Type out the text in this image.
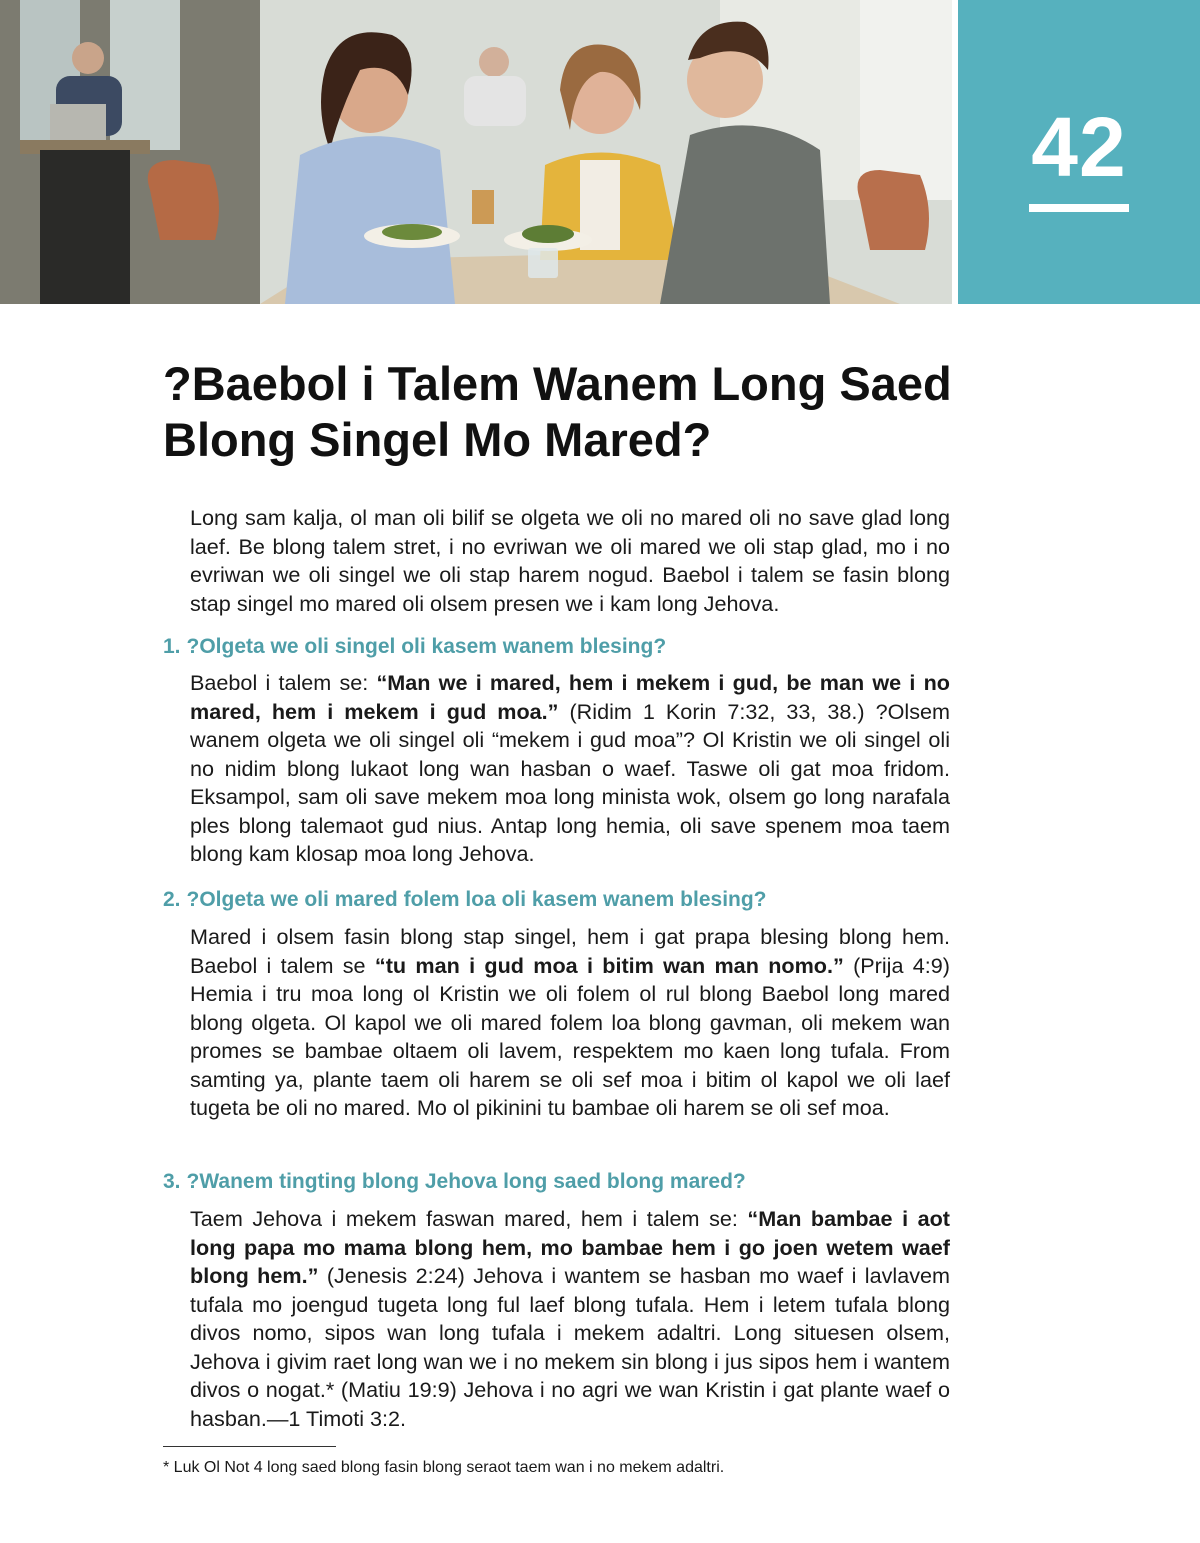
42
?Baebol i Talem Wanem Long Saed Blong Singel Mo Mared?

Long sam kalja, ol man oli bilif se olgeta we oli no mared oli no save glad long laef. Be blong talem stret, i no evriwan we oli mared we oli stap glad, mo i no evriwan we oli singel we oli stap harem nogud. Baebol i talem se fasin blong stap singel mo mared oli olsem presen we i kam long Jehova.

1. ?Olgeta we oli singel oli kasem wanem blesing?

Baebol i talem se: “Man we i mared, hem i mekem i gud, be man we i no mared, hem i mekem i gud moa.” (Ridim 1 Korin 7:32, 33, 38.) ?Olsem wanem olgeta we oli singel oli “mekem i gud moa”? Ol Kristin we oli singel oli no nidim blong lukaot long wan hasban o waef. Taswe oli gat moa fridom. Eksampol, sam oli save mekem moa long minista wok, olsem go long narafala ples blong talemaot gud nius. Antap long hemia, oli save spenem moa taem blong kam klosap moa long Jehova.

2. ?Olgeta we oli mared folem loa oli kasem wanem blesing?

Mared i olsem fasin blong stap singel, hem i gat prapa blesing blong hem. Baebol i talem se “tu man i gud moa i bitim wan man nomo.” (Prija 4:9) Hemia i tru moa long ol Kristin we oli folem ol rul blong Baebol long mared blong olgeta. Ol kapol we oli mared folem loa blong gavman, oli mekem wan promes se bambae oltaem oli lavem, respektem mo kaen long tufala. From samting ya, plante taem oli harem se oli sef moa i bitim ol kapol we oli laef tugeta be oli no mared. Mo ol pikinini tu bambae oli harem se oli sef moa.

3. ?Wanem tingting blong Jehova long saed blong mared?

Taem Jehova i mekem faswan mared, hem i talem se: “Man bambae i aot long papa mo mama blong hem, mo bambae hem i go joen wetem waef blong hem.” (Jenesis 2:24) Jehova i wantem se hasban mo waef i lavlavem tufala mo joengud tugeta long ful laef blong tufala. Hem i letem tufala blong divos nomo, sipos wan long tufala i mekem adaltri. Long situesen olsem, Jehova i givim raet long wan we i no mekem sin blong i jus sipos hem i wantem divos o nogat.* (Matiu 19:9) Jehova i no agri we wan Kristin i gat plante waef o hasban.—1 Timoti 3:2.

* Luk Ol Not 4 long saed blong fasin blong seraot taem wan i no mekem adaltri.
